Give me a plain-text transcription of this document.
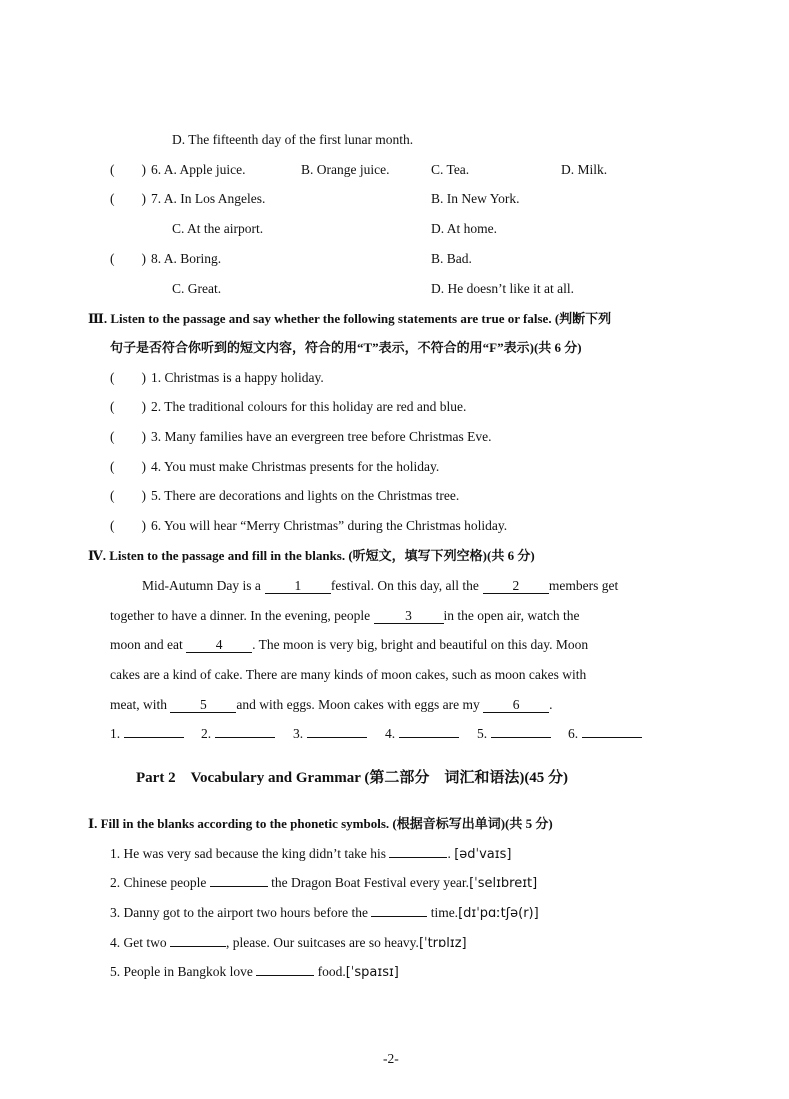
D. The fifteenth day of the first lunar month.
(　　) 6. A. Apple juice.	B. Orange juice.	C. Tea.	D. Milk.
(　　) 7. A. In Los Angeles.	B. In New York.
C. At the airport.	D. At home.
(　　) 8. A. Boring.	B. Bad.
C. Great.	D. He doesn’t like it at all.
Ⅲ. Listen to the passage and say whether the following statements are true or false. (判断下列
句子是否符合你听到的短文内容，符合的用“T”表示，不符合的用“F”表示)(共 6 分)
(　　) 1. Christmas is a happy holiday.
(　　) 2. The traditional colours for this holiday are red and blue.
(　　) 3. Many families have an evergreen tree before Christmas Eve.
(　　) 4. You must make Christmas presents for the holiday.
(　　) 5. There are decorations and lights on the Christmas tree.
(　　) 6. You will hear “Merry Christmas” during the Christmas holiday.
Ⅳ. Listen to the passage and fill in the blanks. (听短文，填写下列空格)(共 6 分)
Mid-Autumn Day is a 1 festival. On this day, all the 2 members get
together to have a dinner. In the evening, people	3 in the open air, watch the
moon and eat 4 . The moon is very big, bright and beautiful on this day. Moon
cakes are a kind of cake. There are many kinds of moon cakes, such as moon cakes with
meat, with 5 and with eggs. Moon cakes with eggs are my 6 .
1.	2.	3.	4.	5.	6.
Part 2　Vocabulary and Grammar (第二部分　词汇和语法)(45 分)
Ⅰ. Fill in the blanks according to the phonetic symbols. (根据音标写出单词)(共 5 分)
1. He was very sad because the king didn’t take his	. [ədˈvaɪs]
2. Chinese people	the Dragon Boat Festival every year.[ˈselɪbreɪt]
3. Danny got to the airport two hours before the	time.[dɪˈpɑːtʃə(r)]
4. Get two	, please. Our suitcases are so heavy.[ˈtrɒlɪz]
5. People in Bangkok love	food.[ˈspaɪsɪ]
-2-
